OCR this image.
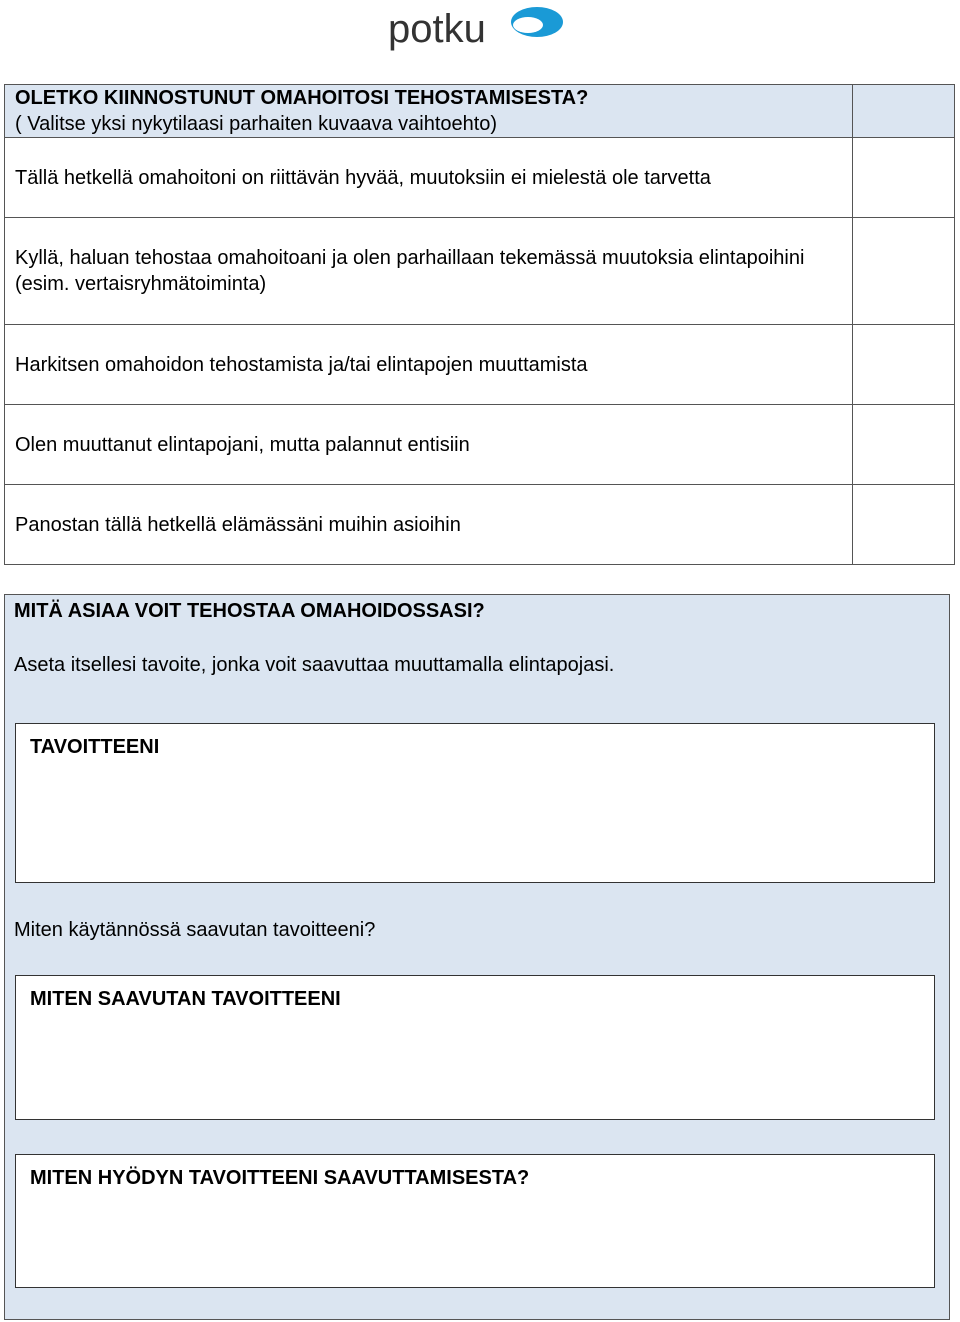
potku
OLETKO KIINNOSTUNUT OMAHOITOSI TEHOSTAMISESTA?
( Valitse yksi nykytilaasi parhaiten kuvaava vaihtoehto)	
Tällä hetkellä omahoitoni on riittävän hyvää, muutoksiin ei mielestä ole tarvetta	
Kyllä, haluan tehostaa omahoitoani ja olen parhaillaan tekemässä muutoksia elintapoihini (esim. vertaisryhmätoiminta)	
Harkitsen omahoidon tehostamista ja/tai elintapojen muuttamista	
Olen muuttanut elintapojani, mutta palannut entisiin	
Panostan tällä hetkellä elämässäni muihin asioihin	
MITÄ ASIAA VOIT TEHOSTAA OMAHOIDOSSASI?
Aseta itsellesi tavoite, jonka voit saavuttaa muuttamalla elintapojasi.
TAVOITTEENI
Miten käytännössä saavutan tavoitteeni?
MITEN SAAVUTAN TAVOITTEENI
MITEN HYÖDYN TAVOITTEENI SAAVUTTAMISESTA?
